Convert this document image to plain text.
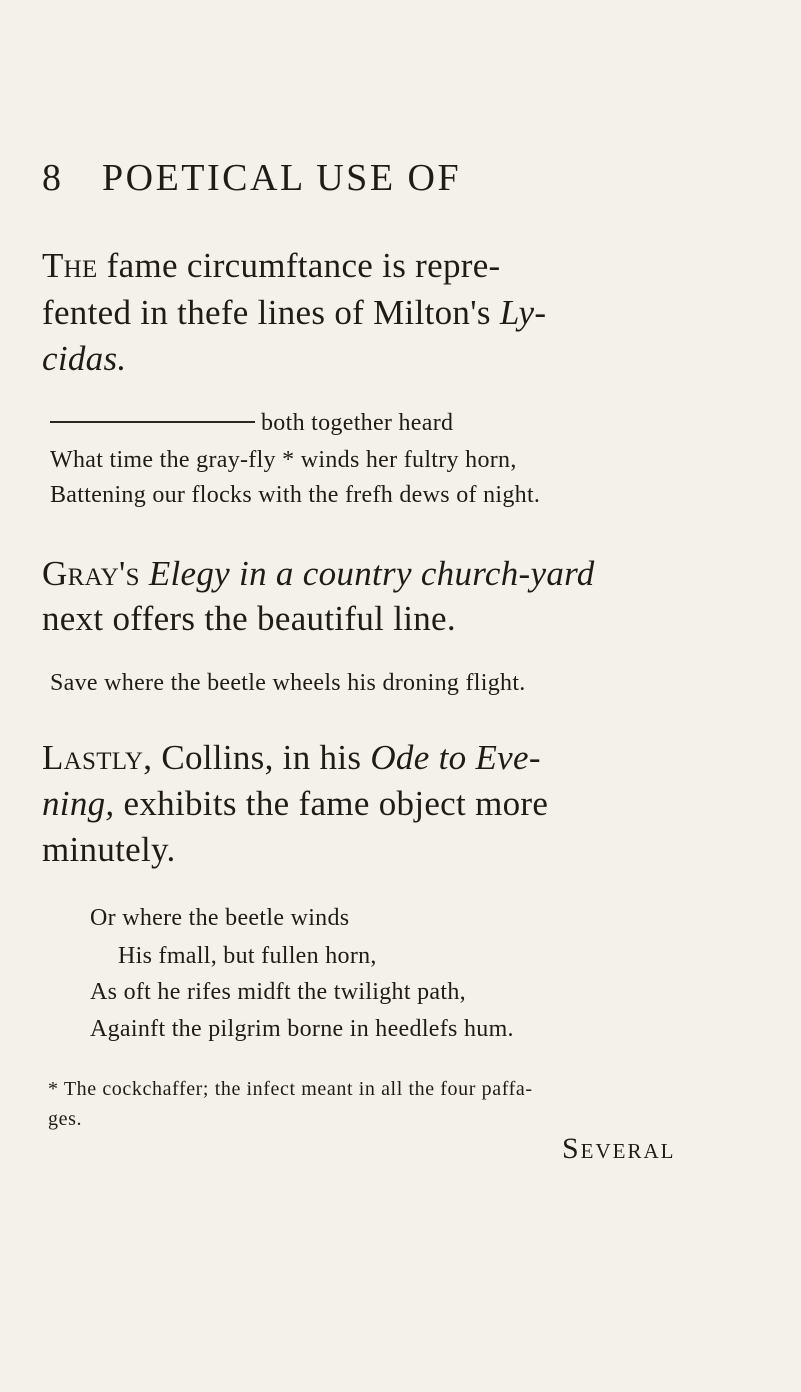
8 POETICAL USE OF
The fame circumftance is repre-
fented in thefe lines of Milton's Ly-
cidas.
both together heard
What time the gray-fly * winds her fultry horn,
Battening our flocks with the frefh dews of night.
Gray's Elegy in a country church-yard
next offers the beautiful line.
Save where the beetle wheels his droning flight.
Lastly, Collins, in his Ode to Eve-
ning, exhibits the fame object more
minutely.
Or where the beetle winds
His fmall, but fullen horn,
As oft he rifes midft the twilight path,
Againft the pilgrim borne in heedlefs hum.
* The cockchaffer; the infect meant in all the four paffa-
ges.
Several
